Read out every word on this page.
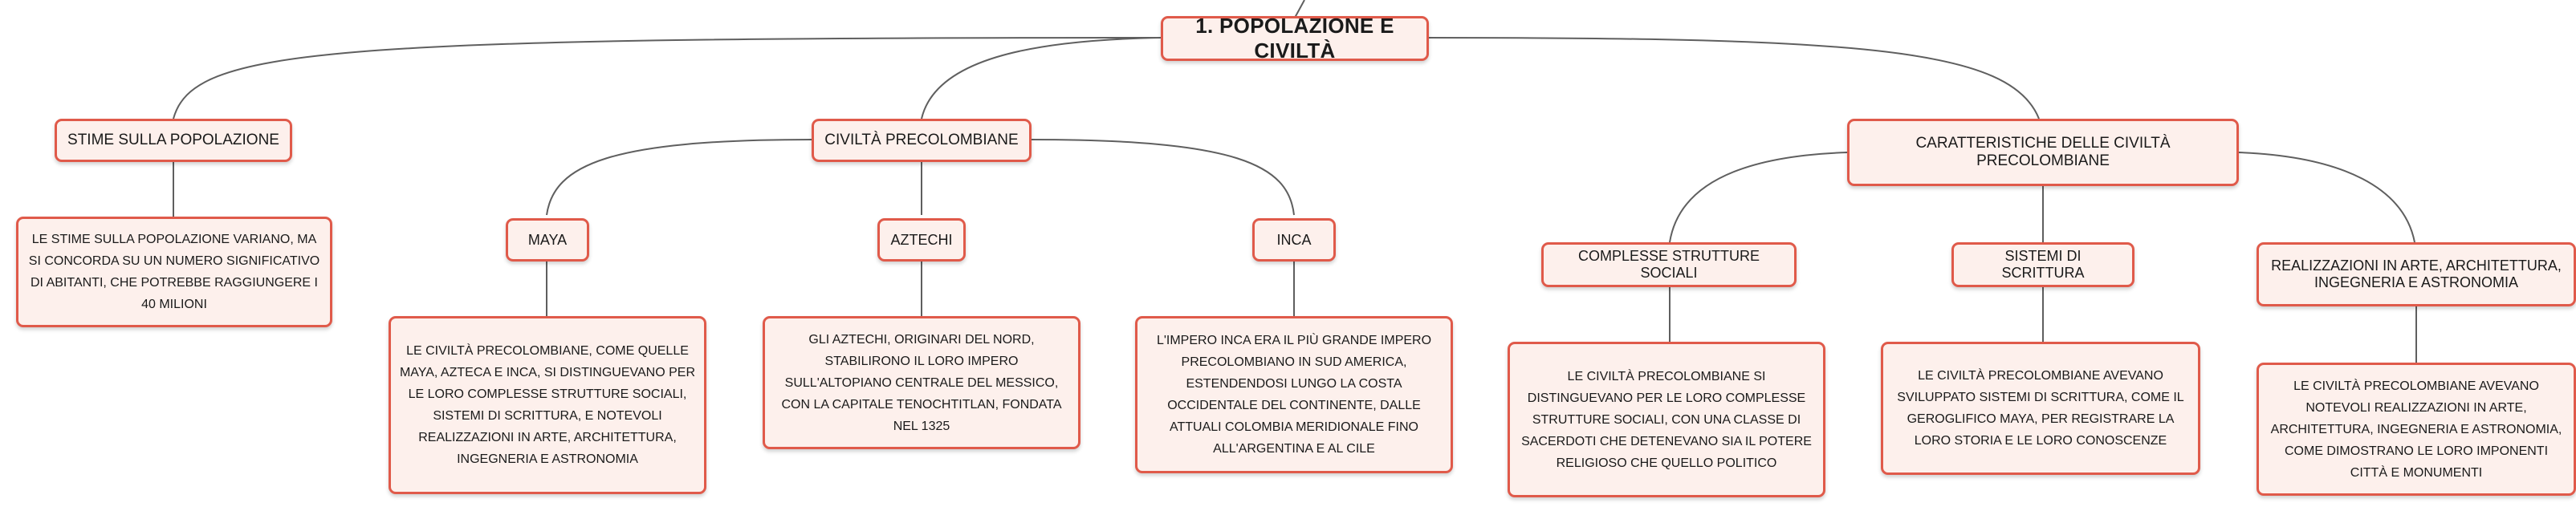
1. POPOLAZIONE E CIVILTÀ
STIME SULLA POPOLAZIONE	CIVILTÀ PRECOLOMBIANE	CARATTERISTICHE DELLE CIVILTÀ PRECOLOMBIANE
LE STIME SULLA POPOLAZIONE VARIANO, MA SI CONCORDA SU UN NUMERO SIGNIFICATIVO DI ABITANTI, CHE POTREBBE RAGGIUNGERE I 40 MILIONI
MAYA	AZTECHI	INCA
LE CIVILTÀ PRECOLOMBIANE, COME QUELLE MAYA, AZTECA E INCA, SI DISTINGUEVANO PER LE LORO COMPLESSE STRUTTURE SOCIALI, SISTEMI DI SCRITTURA, E NOTEVOLI REALIZZAZIONI IN ARTE, ARCHITETTURA, INGEGNERIA E ASTRONOMIA
GLI AZTECHI, ORIGINARI DEL NORD, STABILIRONO IL LORO IMPERO SULL'ALTOPIANO CENTRALE DEL MESSICO, CON LA CAPITALE TENOCHTITLAN, FONDATA NEL 1325
L'IMPERO INCA ERA IL PIÙ GRANDE IMPERO PRECOLOMBIANO IN SUD AMERICA, ESTENDENDOSI LUNGO LA COSTA OCCIDENTALE DEL CONTINENTE, DALLE ATTUALI COLOMBIA MERIDIONALE FINO ALL'ARGENTINA E AL CILE
COMPLESSE STRUTTURE SOCIALI
SISTEMI DI SCRITTURA	REALIZZAZIONI IN ARTE, ARCHITETTURA, INGEGNERIA E ASTRONOMIA
LE CIVILTÀ PRECOLOMBIANE SI DISTINGUEVANO PER LE LORO COMPLESSE STRUTTURE SOCIALI, CON UNA CLASSE DI SACERDOTI CHE DETENEVANO SIA IL POTERE RELIGIOSO CHE QUELLO POLITICO
LE CIVILTÀ PRECOLOMBIANE AVEVANO SVILUPPATO SISTEMI DI SCRITTURA, COME IL GEROGLIFICO MAYA, PER REGISTRARE LA LORO STORIA E LE LORO CONOSCENZE
LE CIVILTÀ PRECOLOMBIANE AVEVANO NOTEVOLI REALIZZAZIONI IN ARTE, ARCHITETTURA, INGEGNERIA E ASTRONOMIA, COME DIMOSTRANO LE LORO IMPONENTI CITTÀ E MONUMENTI
